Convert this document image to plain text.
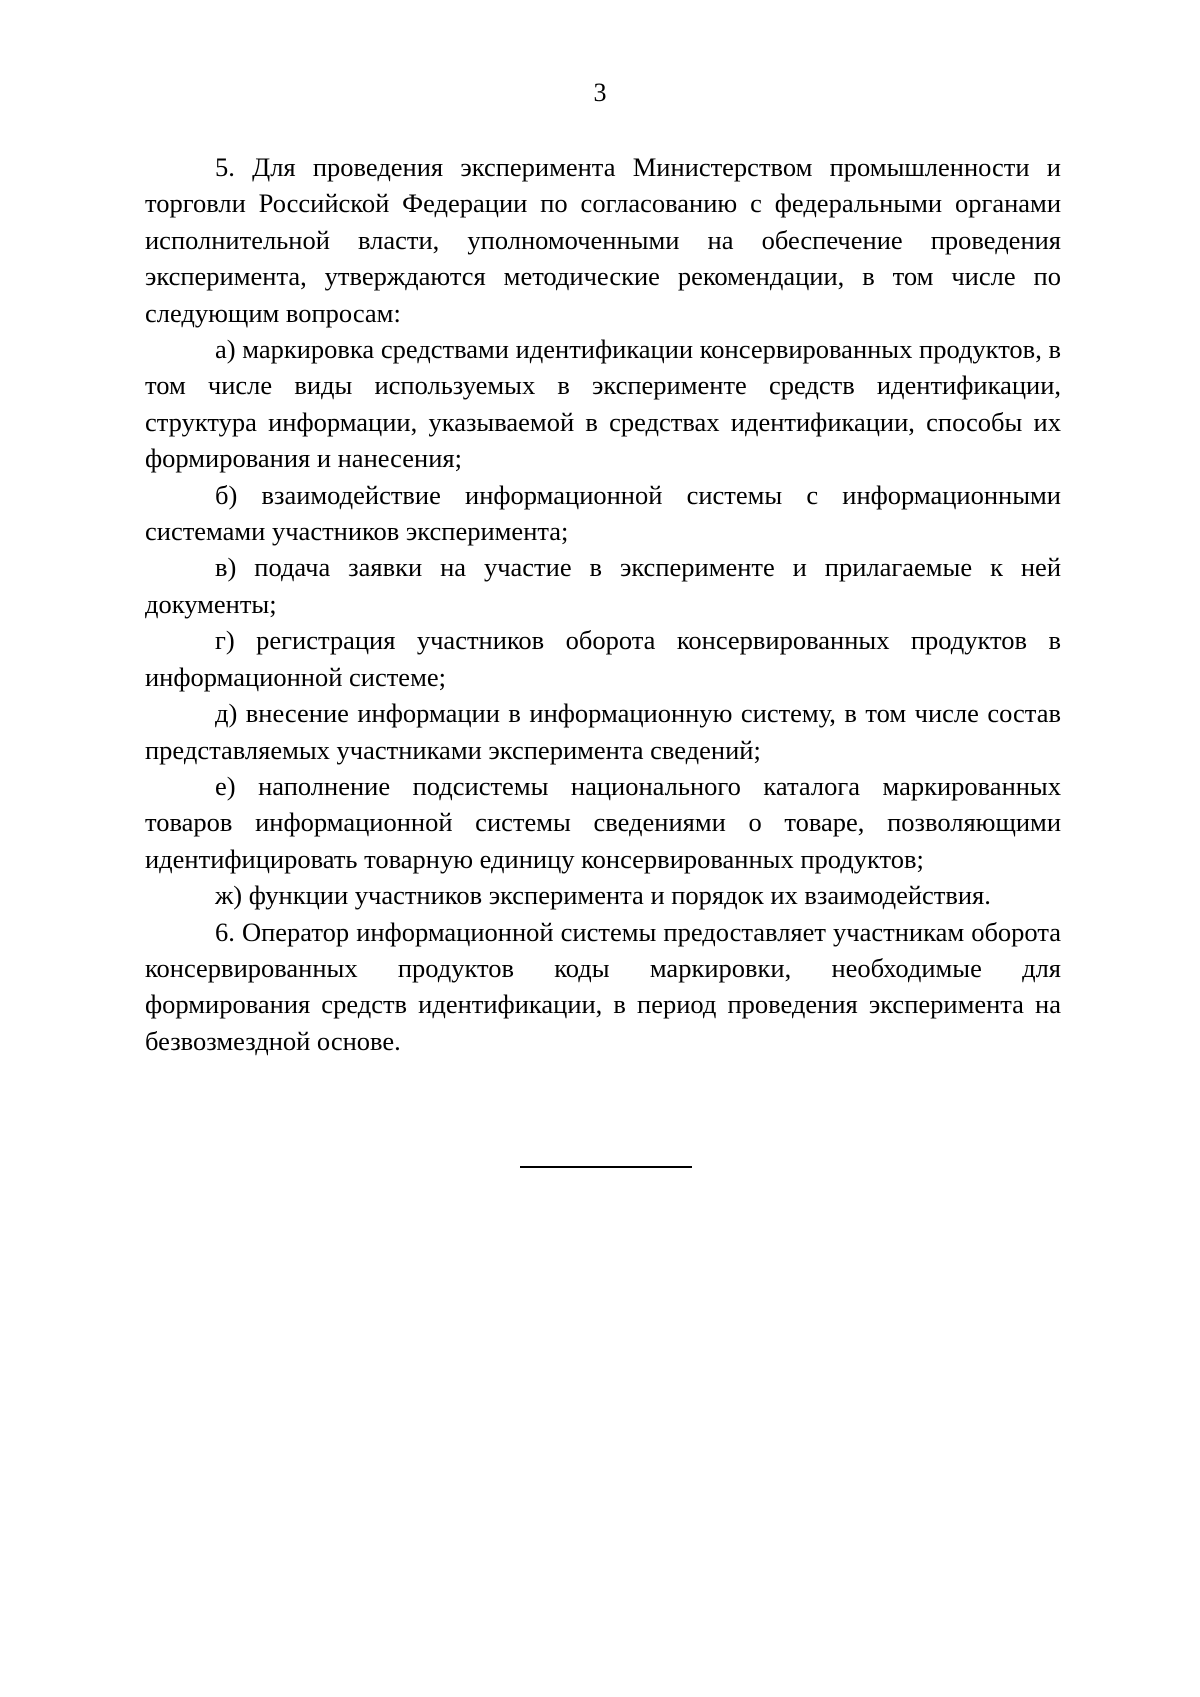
3

5. Для проведения эксперимента Министерством промышленности и торговли Российской Федерации по согласованию с федеральными органами исполнительной власти, уполномоченными на обеспечение проведения эксперимента, утверждаются методические рекомендации, в том числе по следующим вопросам:

а) маркировка средствами идентификации консервированных продуктов, в том числе виды используемых в эксперименте средств идентификации, структура информации, указываемой в средствах идентификации, способы их формирования и нанесения;

б) взаимодействие информационной системы с информационными системами участников эксперимента;

в) подача заявки на участие в эксперименте и прилагаемые к ней документы;

г) регистрация участников оборота консервированных продуктов в информационной системе;

д) внесение информации в информационную систему, в том числе состав представляемых участниками эксперимента сведений;

е) наполнение подсистемы национального каталога маркированных товаров информационной системы сведениями о товаре, позволяющими идентифицировать товарную единицу консервированных продуктов;

ж) функции участников эксперимента и порядок их взаимодействия.

6. Оператор информационной системы предоставляет участникам оборота консервированных продуктов коды маркировки, необходимые для формирования средств идентификации, в период проведения эксперимента на безвозмездной основе.
